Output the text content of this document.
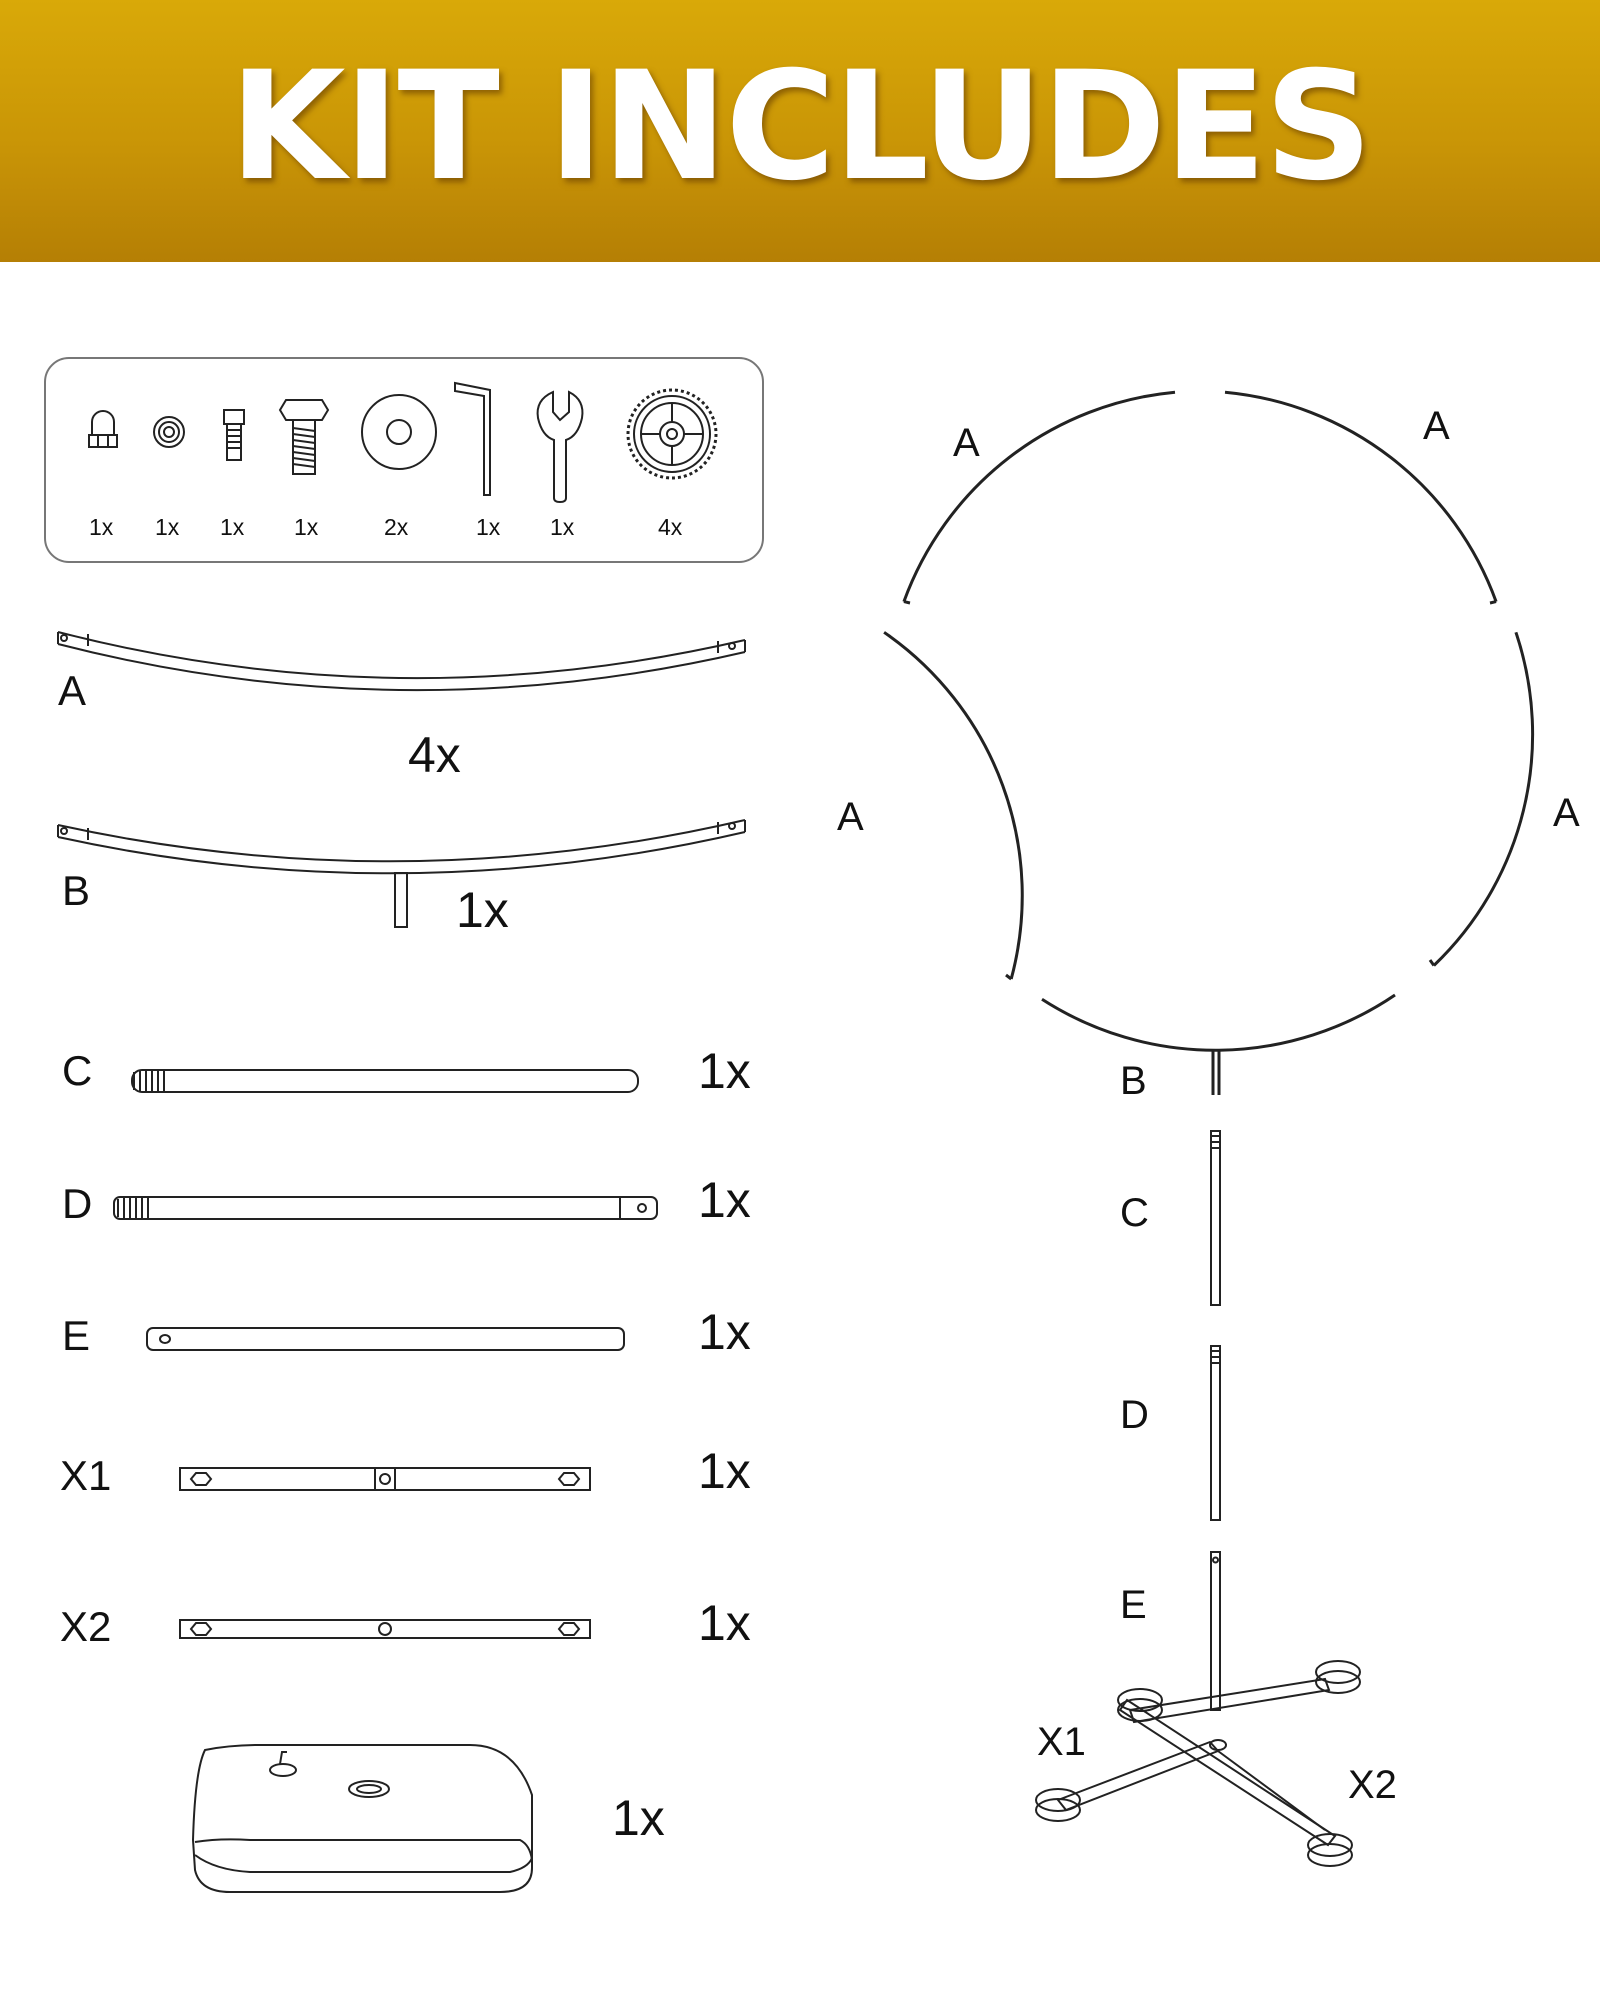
KIT INCLUDES
1x 1x 1x 1x	2x	1x 1x	4x
A
4x
B	1x
C	1x
D	1x
E	1x
X1	1x
X2	1x
1x
A	A
A	A
B
C
D
E
X1
X2
